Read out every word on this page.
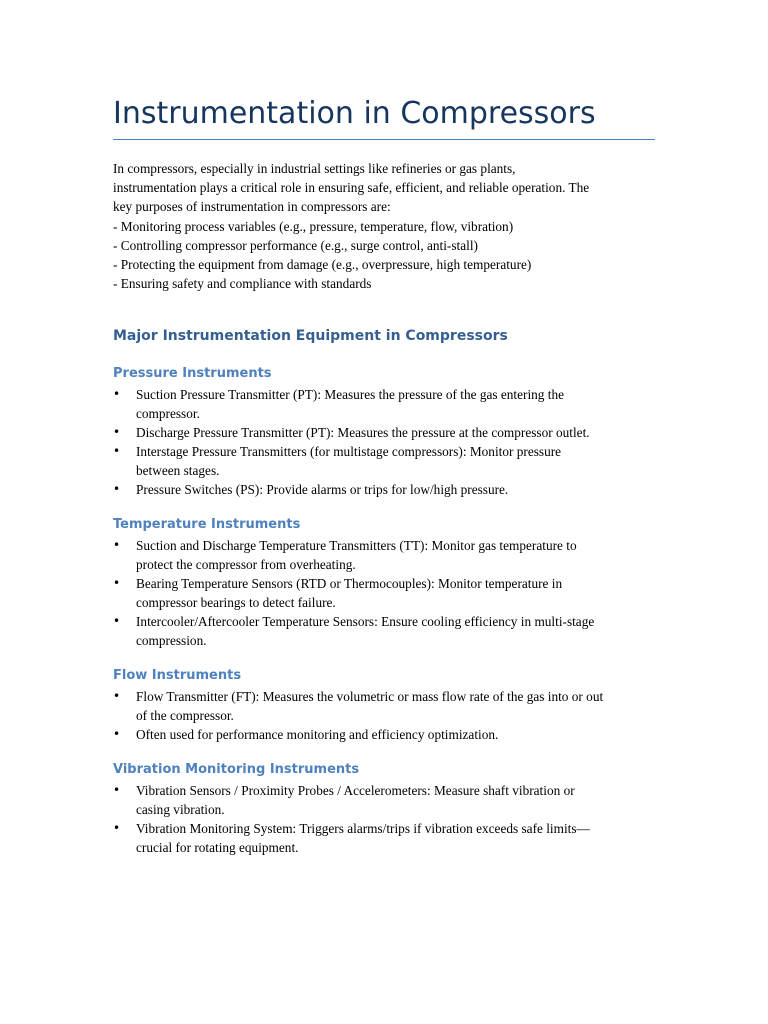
Instrumentation in Compressors
In compressors, especially in industrial settings like refineries or gas plants,
instrumentation plays a critical role in ensuring safe, efficient, and reliable operation. The
key purposes of instrumentation in compressors are:
- Monitoring process variables (e.g., pressure, temperature, flow, vibration)
- Controlling compressor performance (e.g., surge control, anti-stall)
- Protecting the equipment from damage (e.g., overpressure, high temperature)
- Ensuring safety and compliance with standards
Major Instrumentation Equipment in Compressors
Pressure Instruments
• Suction Pressure Transmitter (PT): Measures the pressure of the gas entering the
compressor.
• Discharge Pressure Transmitter (PT): Measures the pressure at the compressor outlet.
• Interstage Pressure Transmitters (for multistage compressors): Monitor pressure
between stages.
• Pressure Switches (PS): Provide alarms or trips for low/high pressure.
Temperature Instruments
• Suction and Discharge Temperature Transmitters (TT): Monitor gas temperature to
protect the compressor from overheating.
• Bearing Temperature Sensors (RTD or Thermocouples): Monitor temperature in
compressor bearings to detect failure.
• Intercooler/Aftercooler Temperature Sensors: Ensure cooling efficiency in multi-stage
compression.
Flow Instruments
• Flow Transmitter (FT): Measures the volumetric or mass flow rate of the gas into or out
of the compressor.
• Often used for performance monitoring and efficiency optimization.
Vibration Monitoring Instruments
• Vibration Sensors / Proximity Probes / Accelerometers: Measure shaft vibration or
casing vibration.
• Vibration Monitoring System: Triggers alarms/trips if vibration exceeds safe limits—
crucial for rotating equipment.
